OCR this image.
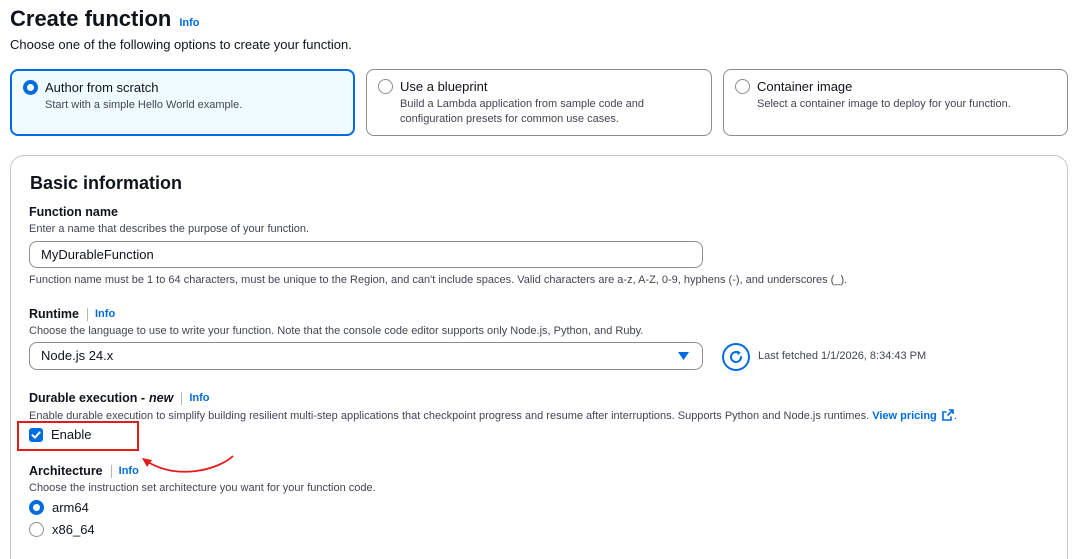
Create function Info
Choose one of the following options to create your function.
Author from scratch
Start with a simple Hello World example.
Use a blueprint
Build a Lambda application from sample code and configuration presets for common use cases.
Container image
Select a container image to deploy for your function.
Basic information
Function name
Enter a name that describes the purpose of your function.
MyDurableFunction
Function name must be 1 to 64 characters, must be unique to the Region, and can't include spaces. Valid characters are a-z, A-Z, 0-9, hyphens (-), and underscores (_).
Runtime Info
Choose the language to use to write your function. Note that the console code editor supports only Node.js, Python, and Ruby.
Node.js 24.x	Last fetched 1/1/2026, 8:34:43 PM
Durable execution - new Info
Enable durable execution to simplify building resilient multi-step applications that checkpoint progress and resume after interruptions. Supports Python and Node.js runtimes. View pricing .
Enable
Architecture Info
Choose the instruction set architecture you want for your function code.
arm64
x86_64
